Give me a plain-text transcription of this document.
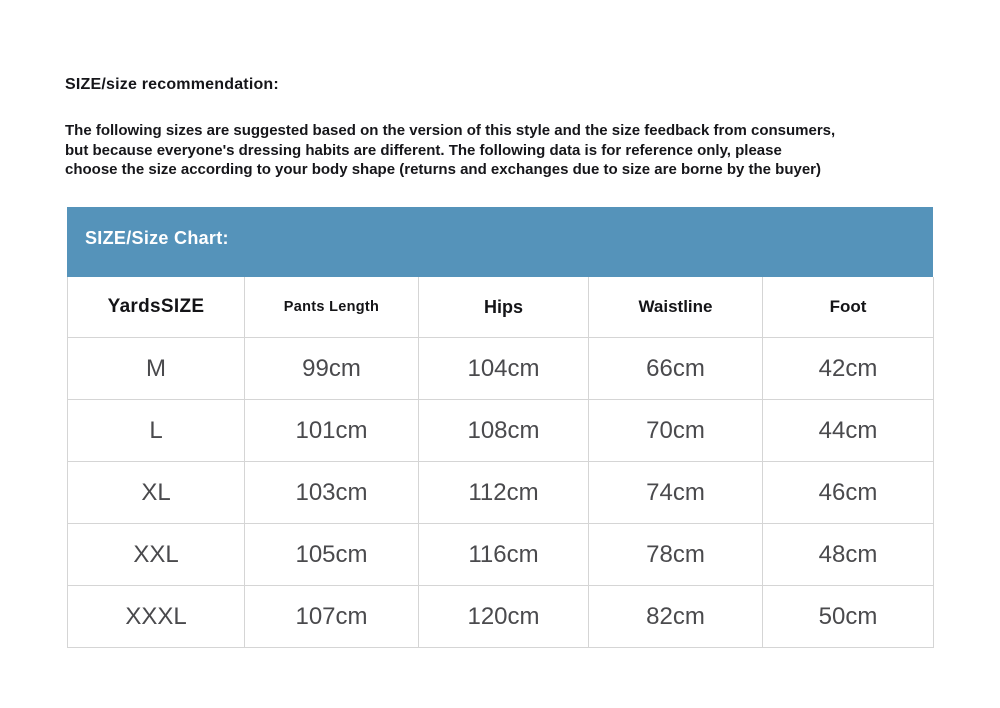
SIZE/size recommendation:
The following sizes are suggested based on the version of this style and the size feedback from consumers,
but because everyone's dressing habits are different. The following data is for reference only, please
choose the size according to your body shape (returns and exchanges due to size are borne by the buyer)
SIZE/Size Chart:
YardsSIZE	Pants Length	Hips	Waistline	Foot
M	99cm	104cm	66cm	42cm
L	101cm	108cm	70cm	44cm
XL	103cm	112cm	74cm	46cm
XXL	105cm	116cm	78cm	48cm
XXXL	107cm	120cm	82cm	50cm
